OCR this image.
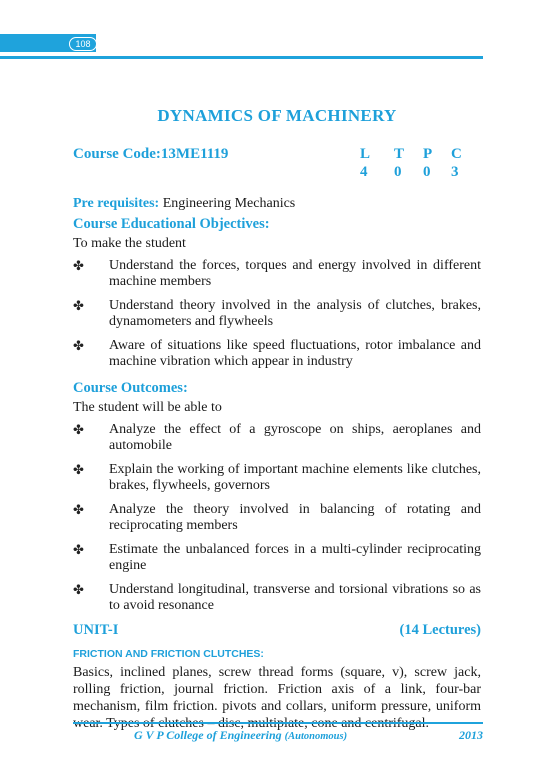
108
DYNAMICS OF MACHINERY
Course Code:13ME1119	L T P C
4 0 0 3
Pre requisites: Engineering Mechanics
Course Educational Objectives:
To make the student
✤ Understand the forces, torques and energy involved in different machine members
✤ Understand theory involved in the analysis of clutches, brakes, dynamometers and flywheels
✤ Aware of situations like speed fluctuations, rotor imbalance and machine vibration which appear in industry
Course Outcomes:
The student will be able to
✤ Analyze the effect of a gyroscope on ships, aeroplanes and automobile
✤ Explain the working of important machine elements like clutches, brakes, flywheels, governors
✤ Analyze the theory involved in balancing of rotating and reciprocating members
✤ Estimate the unbalanced forces in a multi-cylinder reciprocating engine
✤ Understand longitudinal, transverse and torsional vibrations so as to avoid resonance
UNIT-I	(14 Lectures)
FRICTION AND FRICTION CLUTCHES:
Basics, inclined planes, screw thread forms (square, v), screw jack, rolling friction, journal friction. Friction axis of a link, four-bar mechanism, film friction. pivots and collars, uniform pressure, uniform
G V P College of Engineering (Autonomous)	2013
